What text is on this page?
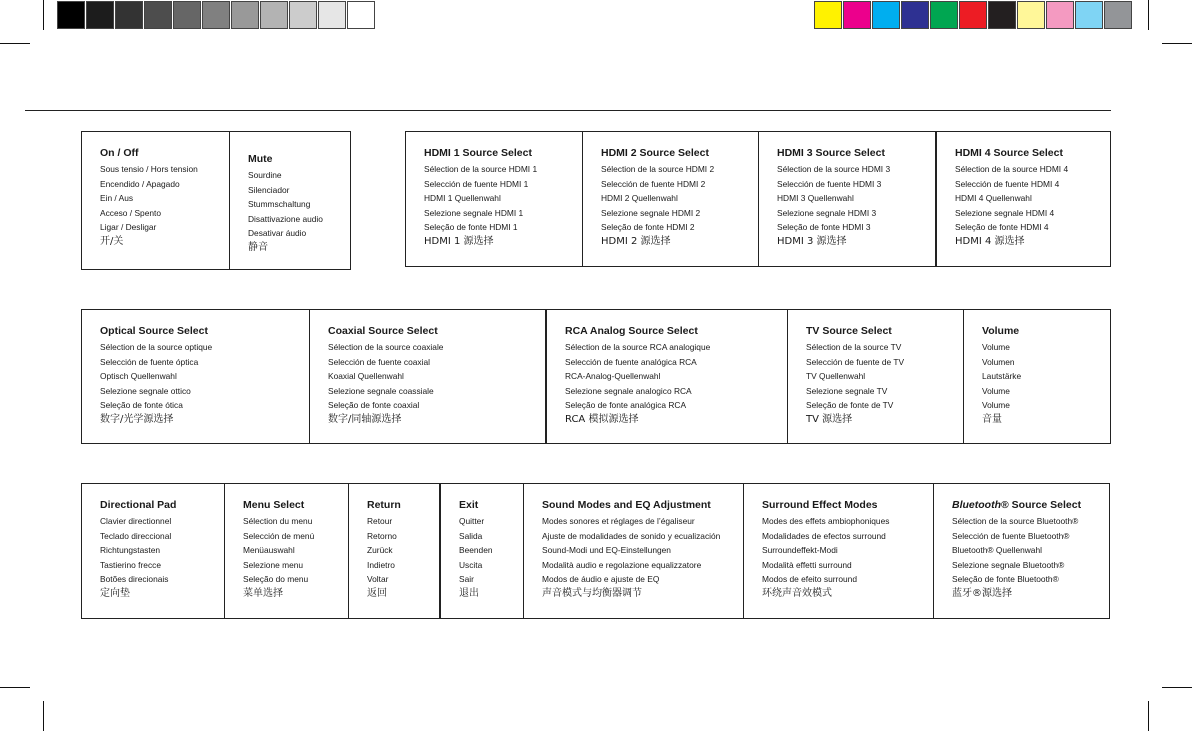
On / Off
Sous tensio / Hors tension
Encendido / Apagado
Ein / Aus
Acceso / Spento
Ligar / Desligar
开/关
Mute
Sourdine
Silenciador
Stummschaltung
Disattivazione audio
Desativar áudio
静音
HDMI 1 Source Select
Sélection de la source HDMI 1
Selección de fuente HDMI 1
HDMI 1 Quellenwahl
Selezione segnale HDMI 1
Seleção de fonte HDMI 1
HDMI 1 源选择
HDMI 2 Source Select
Sélection de la source HDMI 2
Selección de fuente HDMI 2
HDMI 2 Quellenwahl
Selezione segnale HDMI 2
Seleção de fonte HDMI 2
HDMI 2 源选择
HDMI 3 Source Select
Sélection de la source HDMI 3
Selección de fuente HDMI 3
HDMI 3 Quellenwahl
Selezione segnale HDMI 3
Seleção de fonte HDMI 3
HDMI 3 源选择
HDMI 4 Source Select
Sélection de la source HDMI 4
Selección de fuente HDMI 4
HDMI 4 Quellenwahl
Selezione segnale HDMI 4
Seleção de fonte HDMI 4
HDMI 4 源选择
Optical Source Select
Sélection de la source optique
Selección de fuente óptica
Optisch Quellenwahl
Selezione segnale ottico
Seleção de fonte ótica
数字/光学源选择
Coaxial Source Select
Sélection de la source coaxiale
Selección de fuente coaxial
Koaxial Quellenwahl
Selezione segnale coassiale
Seleção de fonte coaxial
数字/同轴源选择
RCA Analog Source Select
Sélection de la source RCA analogique
Selección de fuente analógica RCA
RCA-Analog-Quellenwahl
Selezione segnale analogico RCA
Seleção de fonte analógica RCA
RCA 模拟源选择
TV Source Select
Sélection de la source TV
Selección de fuente de TV
TV Quellenwahl
Selezione segnale TV
Seleção de fonte de TV
TV 源选择
Volume
Volume
Volumen
Lautstärke
Volume
Volume
音量
Directional Pad
Clavier directionnel
Teclado direccional
Richtungstasten
Tastierino frecce
Botões direcionais
定向垫
Menu Select
Sélection du menu
Selección de menú
Menüauswahl
Selezione menu
Seleção do menu
菜单选择
Return
Retour
Retorno
Zurück
Indietro
Voltar
返回
Exit
Quitter
Salida
Beenden
Uscita
Sair
退出
Sound Modes and EQ Adjustment
Modes sonores et réglages de l’égaliseur
Ajuste de modalidades de sonido y ecualización
Sound-Modi und EQ-Einstellungen
Modalità audio e regolazione equalizzatore
Modos de áudio e ajuste de EQ
声音模式与均衡器调节
Surround Effect Modes
Modes des effets ambiophoniques
Modalidades de efectos surround
Surroundeffekt-Modi
Modalità effetti surround
Modos de efeito surround
环绕声音效模式
Bluetooth® Source Select
Sélection de la source Bluetooth®
Selección de fuente Bluetooth®
Bluetooth® Quellenwahl
Selezione segnale Bluetooth®
Seleção de fonte Bluetooth®
蓝牙®源选择
